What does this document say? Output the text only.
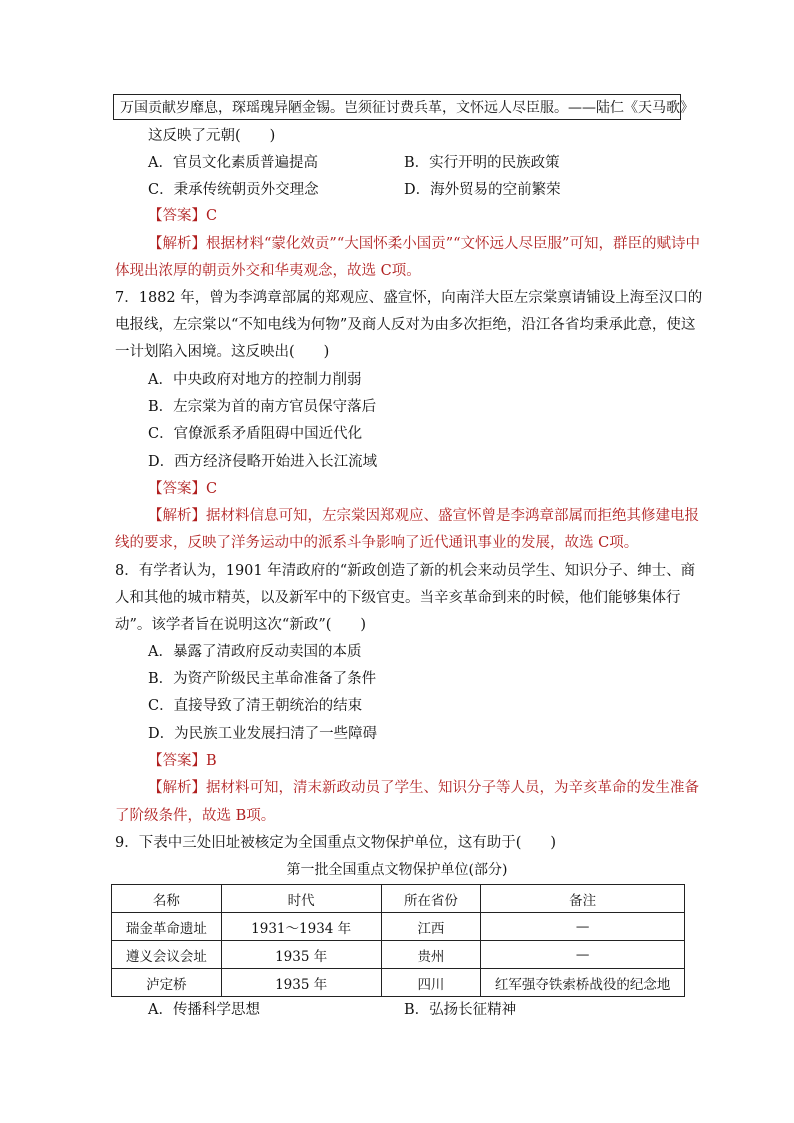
万国贡献岁靡息，琛瑶瑰异陋金锡。岂须征讨费兵革，文怀远人尽臣服。——陆仁《天马歌》
这反映了元朝(　　)
A．官员文化素质普遍提高	B．实行开明的民族政策
C．秉承传统朝贡外交理念	D．海外贸易的空前繁荣
【答案】C
【解析】根据材料“蒙化效贡”“大国怀柔小国贡”“文怀远人尽臣服”可知，群臣的赋诗中
体现出浓厚的朝贡外交和华夷观念，故选 C项。
7．1882 年，曾为李鸿章部属的郑观应、盛宣怀，向南洋大臣左宗棠禀请铺设上海至汉口的
电报线，左宗棠以“不知电线为何物”及商人反对为由多次拒绝，沿江各省均秉承此意，使这
一计划陷入困境。这反映出(　　)
A．中央政府对地方的控制力削弱
B．左宗棠为首的南方官员保守落后
C．官僚派系矛盾阻碍中国近代化
D．西方经济侵略开始进入长江流域
【答案】C
【解析】据材料信息可知，左宗棠因郑观应、盛宣怀曾是李鸿章部属而拒绝其修建电报
线的要求，反映了洋务运动中的派系斗争影响了近代通讯事业的发展，故选 C项。
8．有学者认为，1901 年清政府的“新政创造了新的机会来动员学生、知识分子、绅士、商
人和其他的城市精英，以及新军中的下级官吏。当辛亥革命到来的时候，他们能够集体行
动”。该学者旨在说明这次“新政”(　　)
A．暴露了清政府反动卖国的本质
B．为资产阶级民主革命准备了条件
C．直接导致了清王朝统治的结束
D．为民族工业发展扫清了一些障碍
【答案】B
【解析】据材料可知，清末新政动员了学生、知识分子等人员，为辛亥革命的发生准备
了阶级条件，故选 B项。
9．下表中三处旧址被核定为全国重点文物保护单位，这有助于(　　)
第一批全国重点文物保护单位(部分)
名称	时代	所在省份	备注
瑞金革命遗址	1931～1934 年	江西	—
遵义会议会址	1935 年	贵州	—
泸定桥	1935 年	四川	红军强夺铁索桥战役的纪念地
A．传播科学思想	B．弘扬长征精神
